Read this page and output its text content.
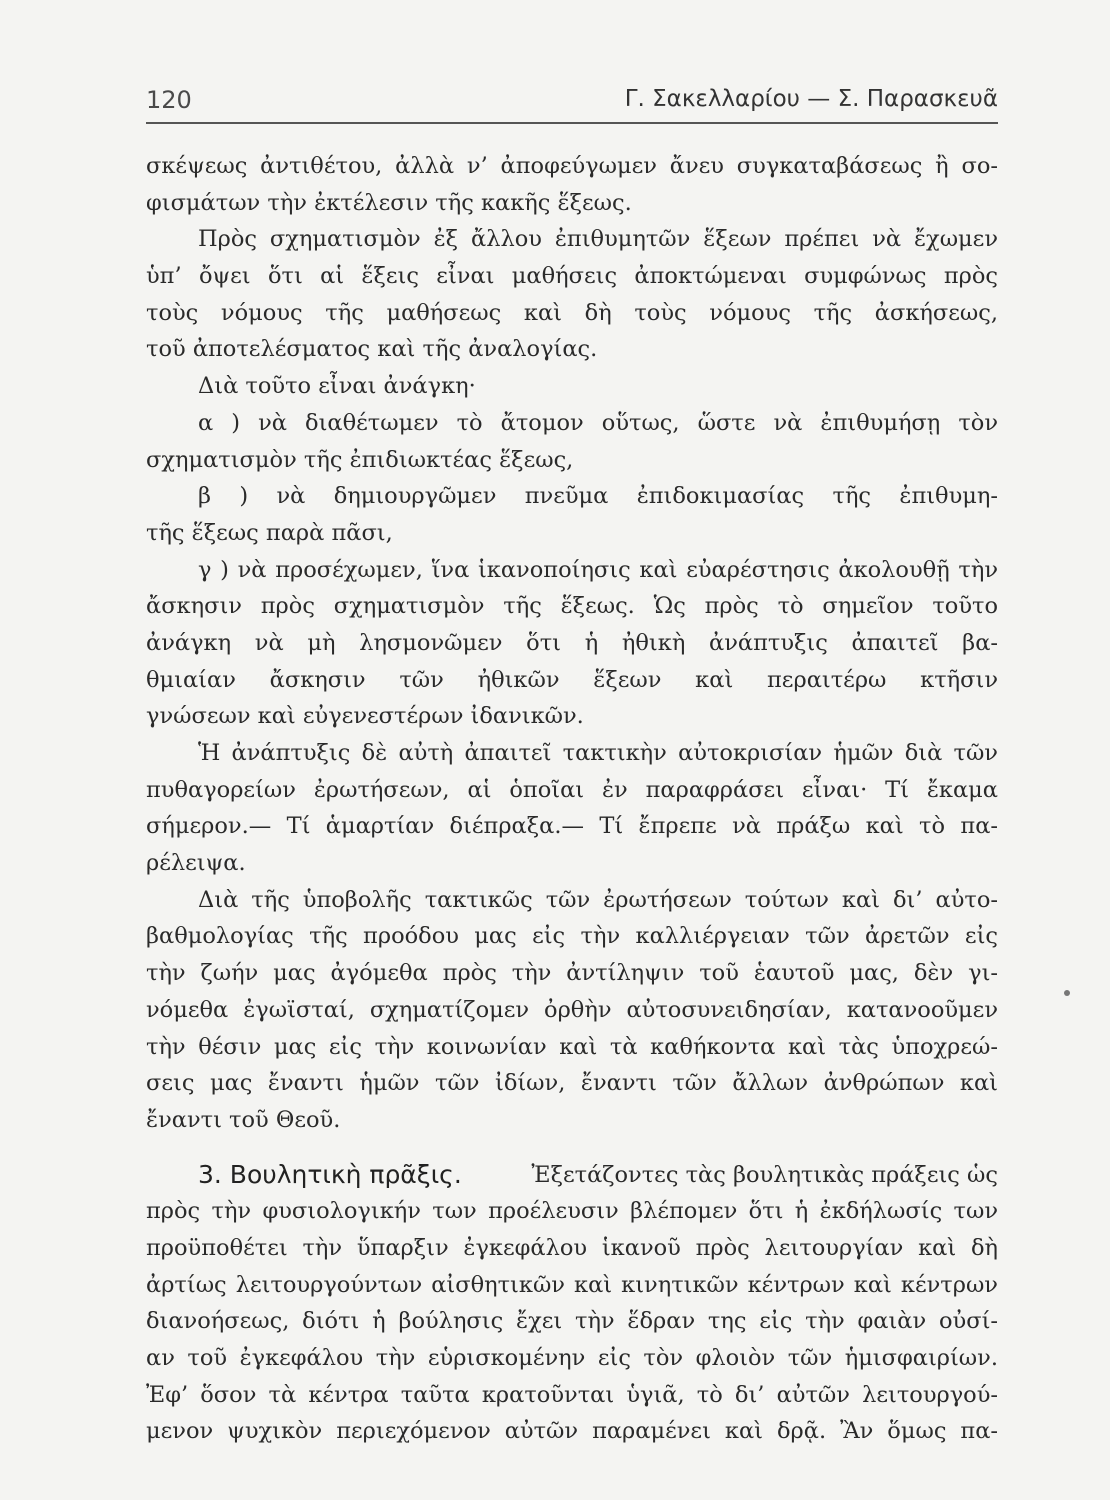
120	Γ. Σακελλαρίου — Σ. Παρασκευᾶ
σκέψεως ἀντιθέτου, ἀλλὰ ν’ ἀποφεύγωμεν ἄνευ συγκαταβάσεως ἢ σο-
φισμάτων τὴν ἐκτέλεσιν τῆς κακῆς ἕξεως.
Πρὸς σχηματισμὸν ἐξ ἄλλου ἐπιθυμητῶν ἕξεων πρέπει νὰ ἔχωμεν
ὑπ’ ὄψει ὅτι αἱ ἕξεις εἶναι μαθήσεις ἀποκτώμεναι συμφώνως πρὸς
τοὺς νόμους τῆς μαθήσεως καὶ δὴ τοὺς νόμους τῆς ἀσκήσεως,
τοῦ ἀποτελέσματος καὶ τῆς ἀναλογίας.
Διὰ τοῦτο εἶναι ἀνάγκη·
α ) νὰ διαθέτωμεν τὸ ἄτομον οὕτως, ὥστε νὰ ἐπιθυμήσῃ τὸν
σχηματισμὸν τῆς ἐπιδιωκτέας ἕξεως,
β ) νὰ δημιουργῶμεν πνεῦμα ἐπιδοκιμασίας τῆς ἐπιθυμη-
τῆς ἕξεως παρὰ πᾶσι,
γ ) νὰ προσέχωμεν, ἵνα ἱκανοποίησις καὶ εὐαρέστησις ἀκολουθῇ τὴν
ἄσκησιν πρὸς σχηματισμὸν τῆς ἕξεως. Ὡς πρὸς τὸ σημεῖον τοῦτο
ἀνάγκη νὰ μὴ λησμονῶμεν ὅτι ἡ ἠθικὴ ἀνάπτυξις ἀπαιτεῖ βα-
θμιαίαν ἄσκησιν τῶν ἠθικῶν ἕξεων καὶ περαιτέρω κτῆσιν
γνώσεων καὶ εὐγενεστέρων ἰδανικῶν.
Ἡ ἀνάπτυξις δὲ αὐτὴ ἀπαιτεῖ τακτικὴν αὐτοκρισίαν ἡμῶν διὰ τῶν
πυθαγορείων ἐρωτήσεων, αἱ ὁποῖαι ἐν παραφράσει εἶναι· Τί ἔκαμα
σήμερον.— Τί ἁμαρτίαν διέπραξα.— Τί ἔπρεπε νὰ πράξω καὶ τὸ πα-
ρέλειψα.
Διὰ τῆς ὑποβολῆς τακτικῶς τῶν ἐρωτήσεων τούτων καὶ δι’ αὐτο-
βαθμολογίας τῆς προόδου μας εἰς τὴν καλλιέργειαν τῶν ἀρετῶν εἰς
τὴν ζωήν μας ἀγόμεθα πρὸς τὴν ἀντίληψιν τοῦ ἑαυτοῦ μας, δὲν γι-
νόμεθα ἐγωϊσταί, σχηματίζομεν ὀρθὴν αὐτοσυνειδησίαν, κατανοοῦμεν
τὴν θέσιν μας εἰς τὴν κοινωνίαν καὶ τὰ καθήκοντα καὶ τὰς ὑποχρεώ-
σεις μας ἔναντι ἡμῶν τῶν ἰδίων, ἔναντι τῶν ἄλλων ἀνθρώπων καὶ
ἔναντι τοῦ Θεοῦ.
3. Βουλητικὴ πρᾶξις.	Ἐξετάζοντες τὰς βουλητικὰς πράξεις ὡς
πρὸς τὴν φυσιολογικήν των προέλευσιν βλέπομεν ὅτι ἡ ἐκδήλωσίς των
προϋποθέτει τὴν ὕπαρξιν ἐγκεφάλου ἱκανοῦ πρὸς λειτουργίαν καὶ δὴ
ἀρτίως λειτουργούντων αἰσθητικῶν καὶ κινητικῶν κέντρων καὶ κέντρων
διανοήσεως, διότι ἡ βούλησις ἔχει τὴν ἕδραν της εἰς τὴν φαιὰν οὐσί-
αν τοῦ ἐγκεφάλου τὴν εὑρισκομένην εἰς τὸν φλοιὸν τῶν ἡμισφαιρίων.
Ἐφ’ ὅσον τὰ κέντρα ταῦτα κρατοῦνται ὑγιᾶ, τὸ δι’ αὐτῶν λειτουργού-
μενον ψυχικὸν περιεχόμενον αὐτῶν παραμένει καὶ δρᾷ. Ἂν ὅμως πα-
